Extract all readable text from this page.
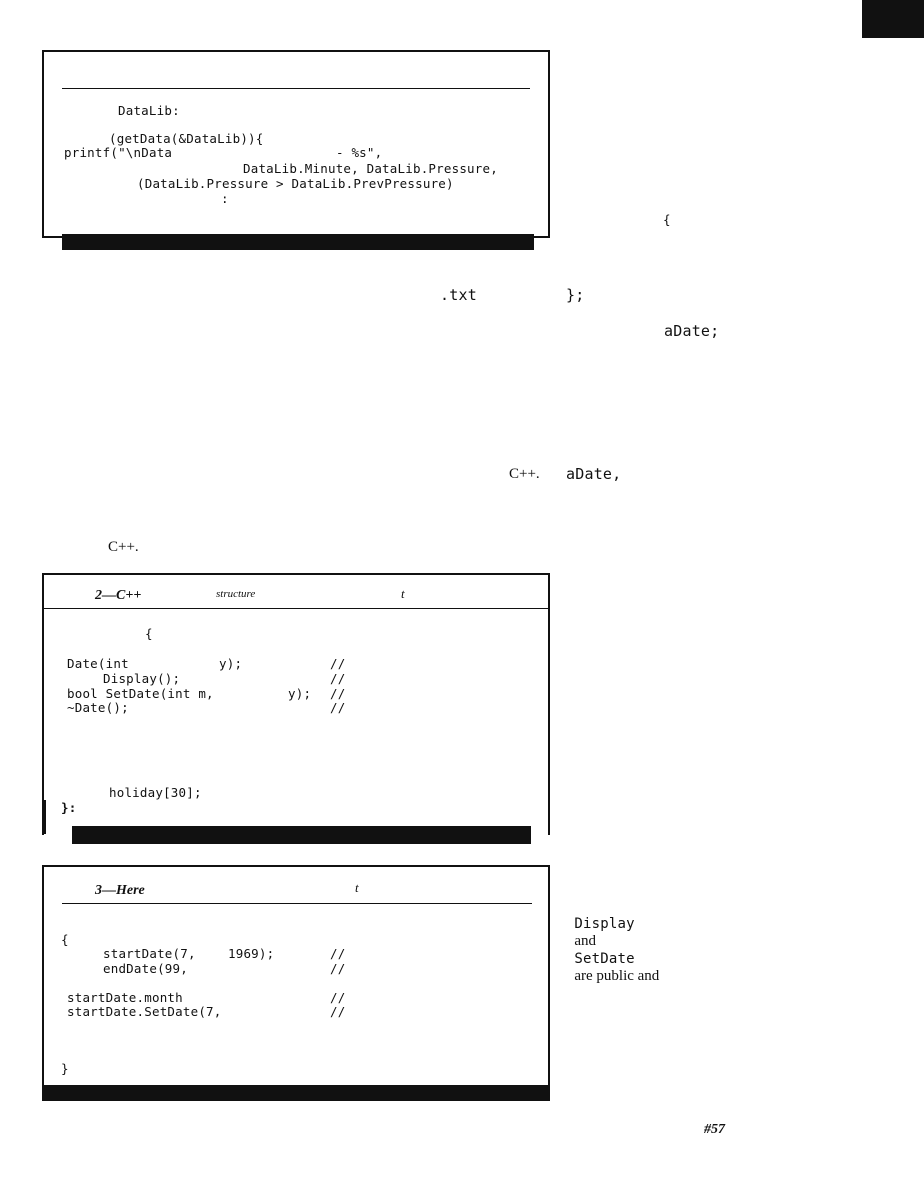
DataLib:
(getData(&DataLib)){
printf("\nData	- %s",
DataLib.Minute, DataLib.Pressure,
(DataLib.Pressure > DataLib.PrevPressure)
:
{
.txt	};
aDate;
C++. aDate,
C++.
2—C++	structure	t
{
Date(int	y);	//
Display();	//
bool SetDate(int m,	y); //
~Date();	//
holiday[30];
}:
3—Here	t
{
startDate(7,	1969);	//
endDate(99,	//
startDate.month	//
startDate.SetDate(7,	//
}

Display
and
SetDate
are public and

#57
